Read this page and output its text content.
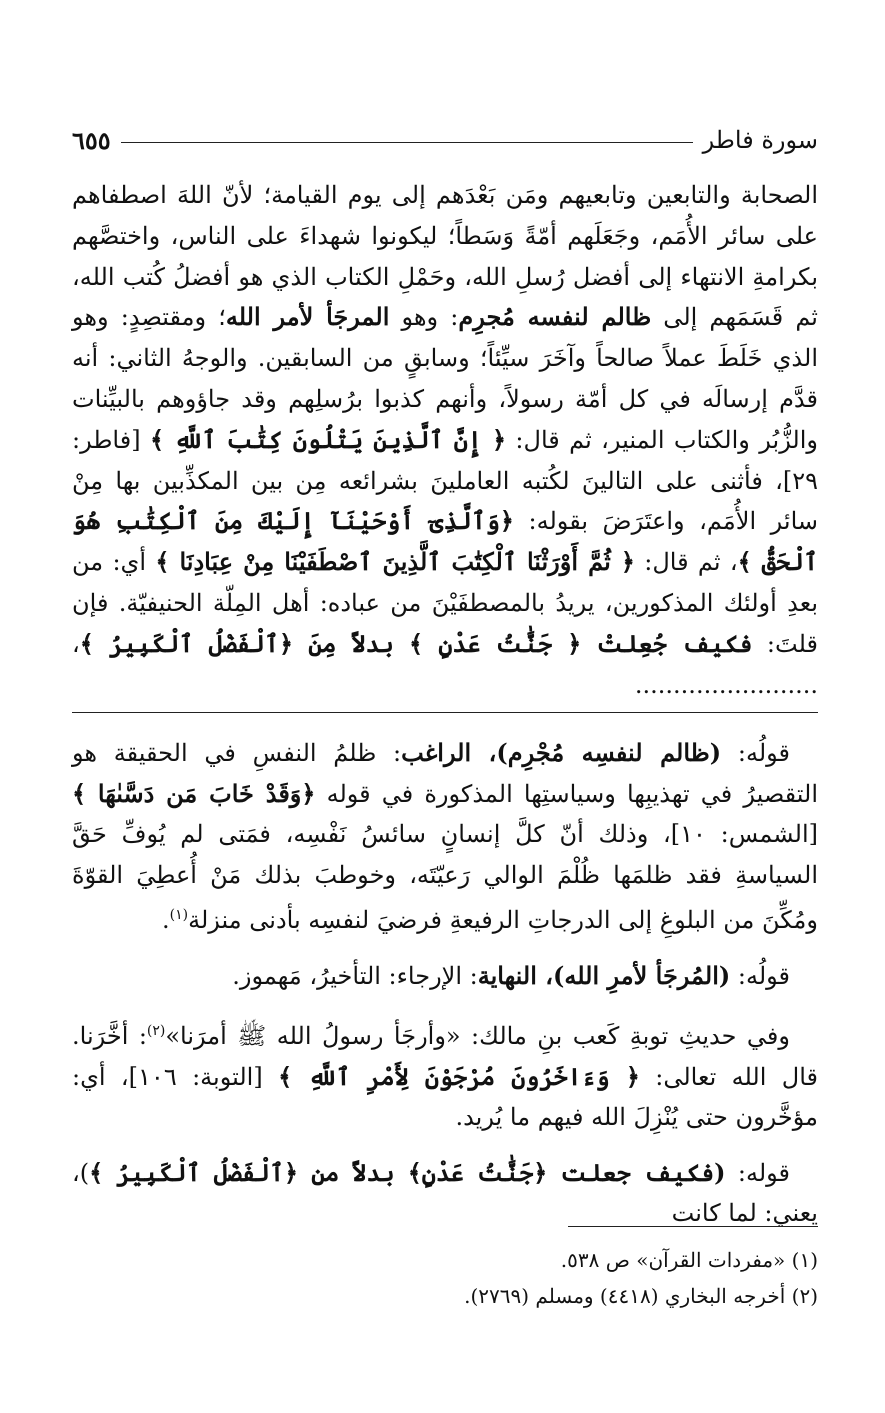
سورة فاطر
٦٥٥

الصحابة والتابعين وتابعيهم ومَن بَعْدَهم إلى يوم القيامة؛ لأنّ اللهَ اصطفاهم على سائر الأُمَم، وجَعَلَهم أمّةً وَسَطاً؛ ليكونوا شهداءَ على الناس، واختصَّهم بكرامةِ الانتهاء إلى أفضل رُسلِ الله، وحَمْلِ الكتاب الذي هو أفضلُ كُتب الله، ثم قَسَمَهم إلى ظالم لنفسه مُجرِم: وهو المرجَأ لأمر الله؛ ومقتصِدٍ: وهو الذي خَلَطَ عملاً صالحاً وآخَرَ سيِّئاً؛ وسابقٍ من السابقين. والوجهُ الثاني: أنه قدَّم إرسالَه في كل أمّة رسولاً، وأنهم كذبوا برُسلِهم وقد جاؤوهم بالبيِّنات والزُّبُر والكتاب المنير، ثم قال: ﴿ إِنَّ ٱلَّذِينَ يَتْلُونَ كِتَٰبَ ٱللَّهِ ﴾ [فاطر: ٢٩]، فأثنى على التالينَ لكُتبه العاملينَ بشرائعه مِن بين المكذِّبين بها مِنْ سائر الأُمَم، واعتَرَضَ بقوله: ﴿وَٱلَّذِىٓ أَوْحَيْنَآ إِلَيْكَ مِنَ ٱلْكِتَٰبِ هُوَ ٱلْحَقُّ ﴾، ثم قال: ﴿ ثُمَّ أَوْرَثْنَا ٱلْكِتَٰبَ ٱلَّذِينَ ٱصْطَفَيْنَا مِنْ عِبَادِنَا ﴾ أي: من بعدِ أولئك المذكورين، يريدُ بالمصطفَيْنَ من عباده: أهل المِلّة الحنيفيّة. فإن قلتَ: فكيف جُعِلتْ ﴿ جَنَّٰتُ عَدْنٍ ﴾ بدلاً مِنَ ﴿ٱلْفَضْلُ ٱلْكَبِيرُ ﴾، ........................

قولُه: (ظالم لنفسِه مُجْرِم)، الراغب: ظلمُ النفسِ في الحقيقة هو التقصيرُ في تهذيبِها وسياستِها المذكورة في قوله ﴿وَقَدْ خَابَ مَن دَسَّىٰهَا ﴾ [الشمس: ١٠]، وذلك أنّ كلَّ إنسانٍ سائسُ نَفْسِه، فمَتى لم يُوفِّ حَقَّ السياسةِ فقد ظلمَها ظُلْمَ الوالي رَعيّتَه، وخوطبَ بذلك مَنْ أُعطِيَ القوّةَ ومُكِّنَ من البلوغِ إلى الدرجاتِ الرفيعةِ فرضيَ لنفسِه بأدنى منزلة$^{(١)}$.

قولُه: (المُرجَأ لأمرِ الله)، النهاية: الإرجاء: التأخيرُ، مَهموز.

وفي حديثِ توبةِ كَعب بنِ مالك: «وأرجَأ رسولُ الله ﷺ أمرَنا»$^{(٢)}$: أخَّرَنا. قال الله تعالى: ﴿ وَءَاخَرُونَ مُرْجَوْنَ لِأَمْرِ ٱللَّهِ ﴾ [التوبة: ١٠٦]، أي: مؤخَّرون حتى يُنْزِلَ الله فيهم ما يُريد.

قوله: (فكيف جعلت ﴿جَنَّٰتُ عَدْنٍ﴾ بدلاً من ﴿ٱلْفَضْلُ ٱلْكَبِيرُ ﴾)، يعني: لما كانت

(١) «مفردات القرآن» ص ٥٣٨.
(٢) أخرجه البخاري (٤٤١٨) ومسلم (٢٧٦٩).
